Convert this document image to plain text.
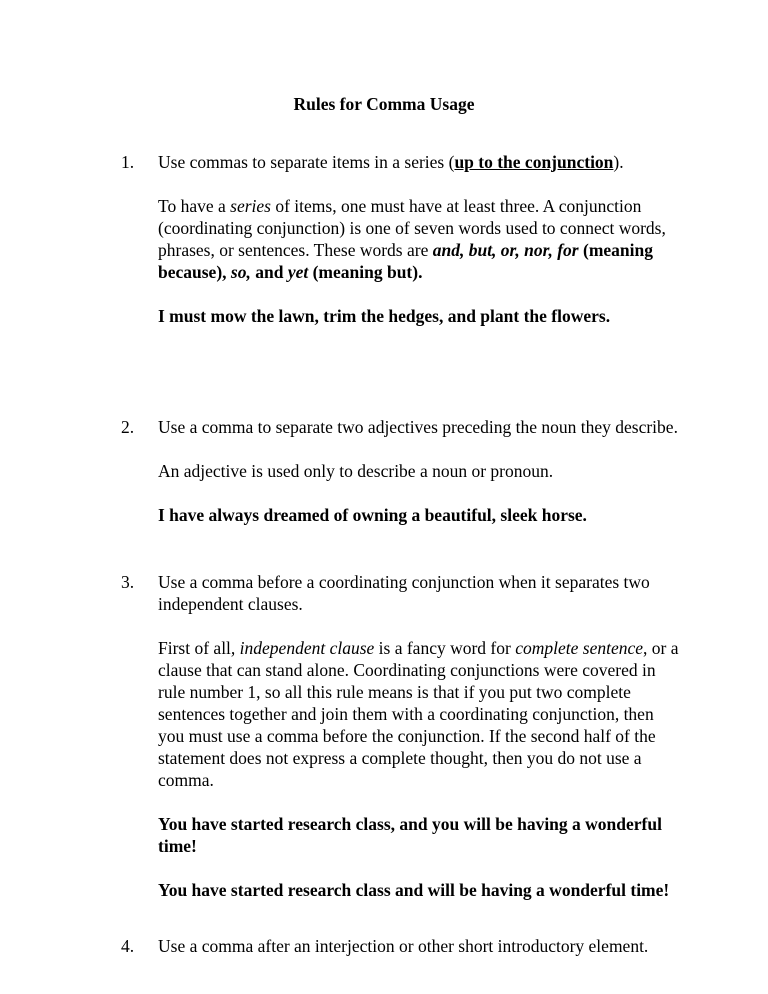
Rules for Comma Usage
1. Use commas to separate items in a series (up to the conjunction).

To have a series of items, one must have at least three. A conjunction (coordinating conjunction) is one of seven words used to connect words, phrases, or sentences. These words are and, but, or, nor, for (meaning because), so, and yet (meaning but).

I must mow the lawn, trim the hedges, and plant the flowers.

2. Use a comma to separate two adjectives preceding the noun they describe.

An adjective is used only to describe a noun or pronoun.

I have always dreamed of owning a beautiful, sleek horse.

3. Use a comma before a coordinating conjunction when it separates two independent clauses.

First of all, independent clause is a fancy word for complete sentence, or a clause that can stand alone. Coordinating conjunctions were covered in rule number 1, so all this rule means is that if you put two complete sentences together and join them with a coordinating conjunction, then you must use a comma before the conjunction. If the second half of the statement does not express a complete thought, then you do not use a comma.

You have started research class, and you will be having a wonderful time!

You have started research class and will be having a wonderful time!

4. Use a comma after an interjection or other short introductory element.
